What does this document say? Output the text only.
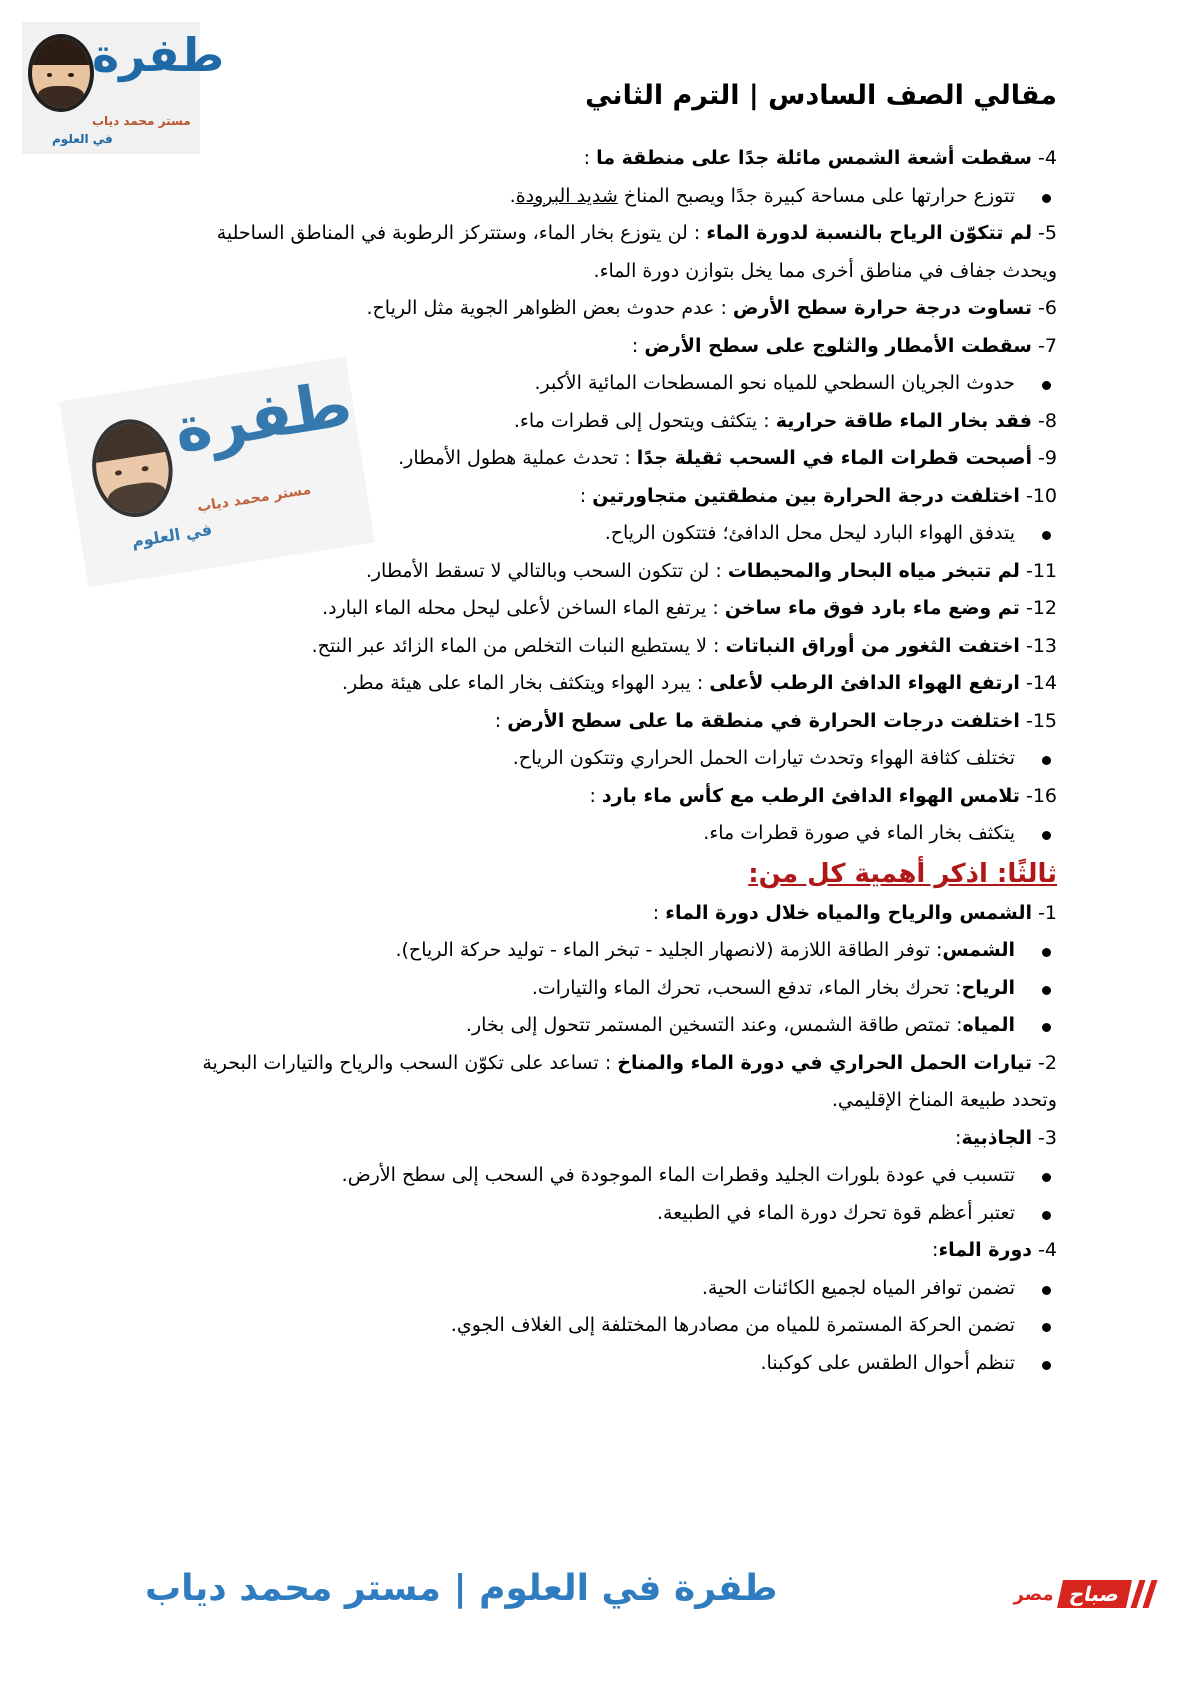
طفرة
مستر محمد دياب
في العلوم
طفرة
مستر محمد دياب
في العلوم
مقالي الصف السادس | الترم الثاني
4- سقطت أشعة الشمس مائلة جدًا على منطقة ما :
تتوزع حرارتها على مساحة كبيرة جدًا ويصبح المناخ شديد البرودة.
5- لم تتكوّن الرياح بالنسبة لدورة الماء : لن يتوزع بخار الماء، وستتركز الرطوبة في المناطق الساحلية ويحدث جفاف في مناطق أخرى مما يخل بتوازن دورة الماء.
6- تساوت درجة حرارة سطح الأرض : عدم حدوث بعض الظواهر الجوية مثل الرياح.
7- سقطت الأمطار والثلوج على سطح الأرض :
حدوث الجريان السطحي للمياه نحو المسطحات المائية الأكبر.
8- فقد بخار الماء طاقة حرارية : يتكثف ويتحول إلى قطرات ماء.
9- أصبحت قطرات الماء في السحب ثقيلة جدًا : تحدث عملية هطول الأمطار.
10- اختلفت درجة الحرارة بين منطقتين متجاورتين :
يتدفق الهواء البارد ليحل محل الدافئ؛ فتتكون الرياح.
11- لم تتبخر مياه البحار والمحيطات : لن تتكون السحب وبالتالي لا تسقط الأمطار.
12- تم وضع ماء بارد فوق ماء ساخن : يرتفع الماء الساخن لأعلى ليحل محله الماء البارد.
13- اختفت الثغور من أوراق النباتات : لا يستطيع النبات التخلص من الماء الزائد عبر النتح.
14- ارتفع الهواء الدافئ الرطب لأعلى : يبرد الهواء ويتكثف بخار الماء على هيئة مطر.
15- اختلفت درجات الحرارة في منطقة ما على سطح الأرض :
تختلف كثافة الهواء وتحدث تيارات الحمل الحراري وتتكون الرياح.
16- تلامس الهواء الدافئ الرطب مع كأس ماء بارد :
يتكثف بخار الماء في صورة قطرات ماء.
ثالثًا: اذكر أهمية كل من:
1- الشمس والرياح والمياه خلال دورة الماء :
الشمس: توفر الطاقة اللازمة (لانصهار الجليد - تبخر الماء - توليد حركة الرياح).
الرياح: تحرك بخار الماء، تدفع السحب، تحرك الماء والتيارات.
المياه: تمتص طاقة الشمس، وعند التسخين المستمر تتحول إلى بخار.
2- تيارات الحمل الحراري في دورة الماء والمناخ : تساعد على تكوّن السحب والرياح والتيارات البحرية وتحدد طبيعة المناخ الإقليمي.
3- الجاذبية:
تتسبب في عودة بلورات الجليد وقطرات الماء الموجودة في السحب إلى سطح الأرض.
تعتبر أعظم قوة تحرك دورة الماء في الطبيعة.
4- دورة الماء:
تضمن توافر المياه لجميع الكائنات الحية.
تضمن الحركة المستمرة للمياه من مصادرها المختلفة إلى الغلاف الجوي.
تنظم أحوال الطقس على كوكبنا.
طفرة في العلوم | مستر محمد دياب	صباح
مصر
